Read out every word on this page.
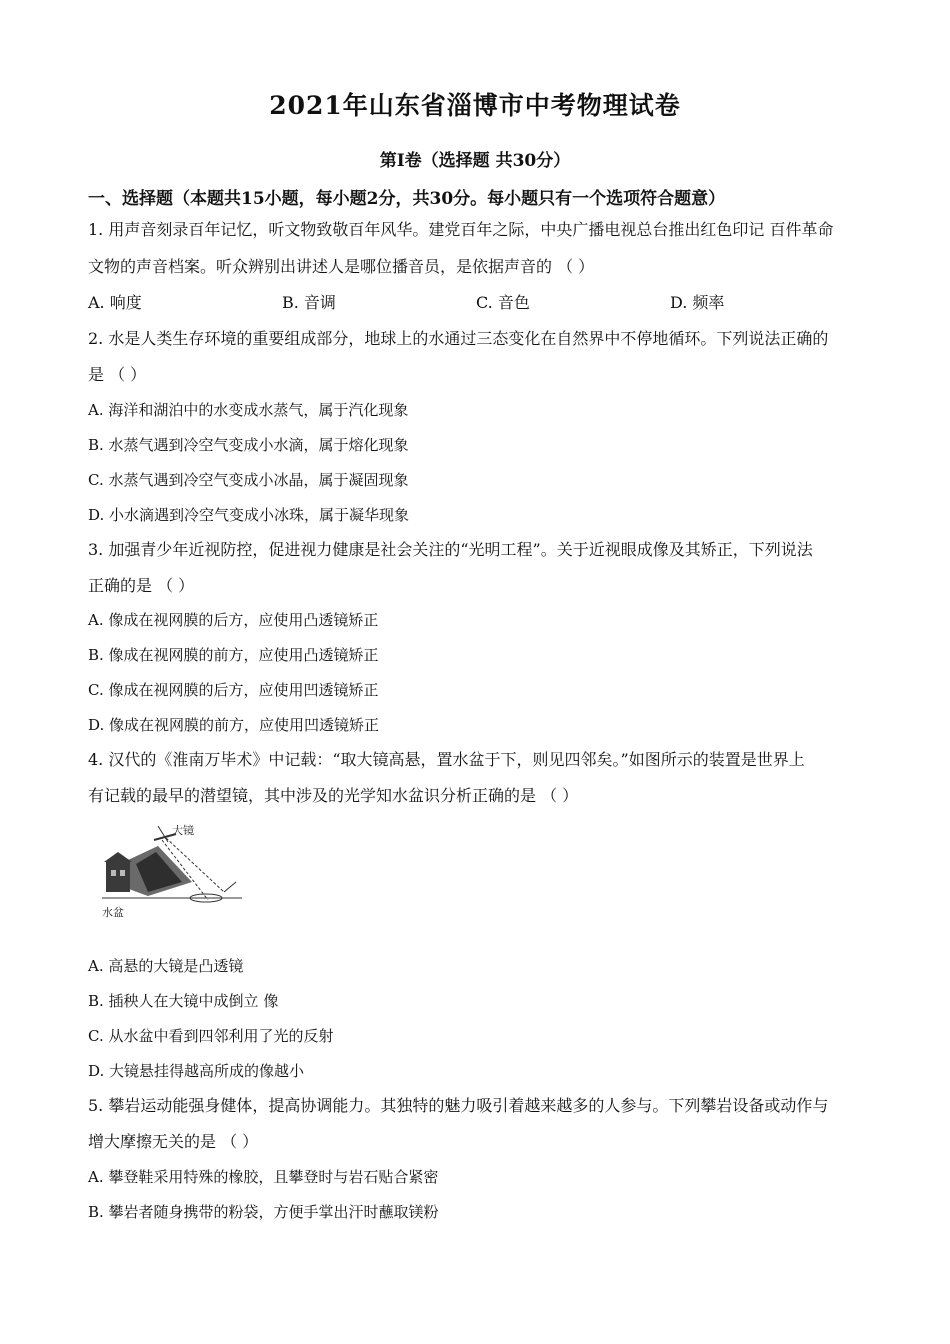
2021年山东省淄博市中考物理试卷
第I卷（选择题 共30分）
一、选择题（本题共15小题，每小题2分，共30分。每小题只有一个选项符合题意）
1. 用声音刻录百年记忆，听文物致敬百年风华。建党百年之际，中央广播电视总台推出红色印记 百件革命
文物的声音档案。听众辨别出讲述人是哪位播音员，是依据声音的 （ ）
A. 响度	B. 音调	C. 音色	D. 频率
2. 水是人类生存环境的重要组成部分，地球上的水通过三态变化在自然界中不停地循环。下列说法正确的
是 （ ）
A. 海洋和湖泊中的水变成水蒸气，属于汽化现象
B. 水蒸气遇到冷空气变成小水滴，属于熔化现象
C. 水蒸气遇到冷空气变成小冰晶，属于凝固现象
D. 小水滴遇到冷空气变成小冰珠，属于凝华现象
3. 加强青少年近视防控，促进视力健康是社会关注的“光明工程”。关于近视眼成像及其矫正，下列说法
正确的是 （ ）
A. 像成在视网膜的后方，应使用凸透镜矫正
B. 像成在视网膜的前方，应使用凸透镜矫正
C. 像成在视网膜的后方，应使用凹透镜矫正
D. 像成在视网膜的前方，应使用凹透镜矫正
4. 汉代的《淮南万毕术》中记载：“取大镜高悬，置水盆于下，则见四邻矣。”如图所示的装置是世界上
有记载的最早的潜望镜，其中涉及的光学知水盆识分析正确的是 （ ）
大镜
水盆
A. 高悬的大镜是凸透镜
B. 插秧人在大镜中成倒立 像
C. 从水盆中看到四邻利用了光的反射
D. 大镜悬挂得越高所成的像越小
5. 攀岩运动能强身健体，提高协调能力。其独特的魅力吸引着越来越多的人参与。下列攀岩设备或动作与
增大摩擦无关的是 （ ）
A. 攀登鞋采用特殊的橡胶，且攀登时与岩石贴合紧密
B. 攀岩者随身携带的粉袋，方便手掌出汗时蘸取镁粉
